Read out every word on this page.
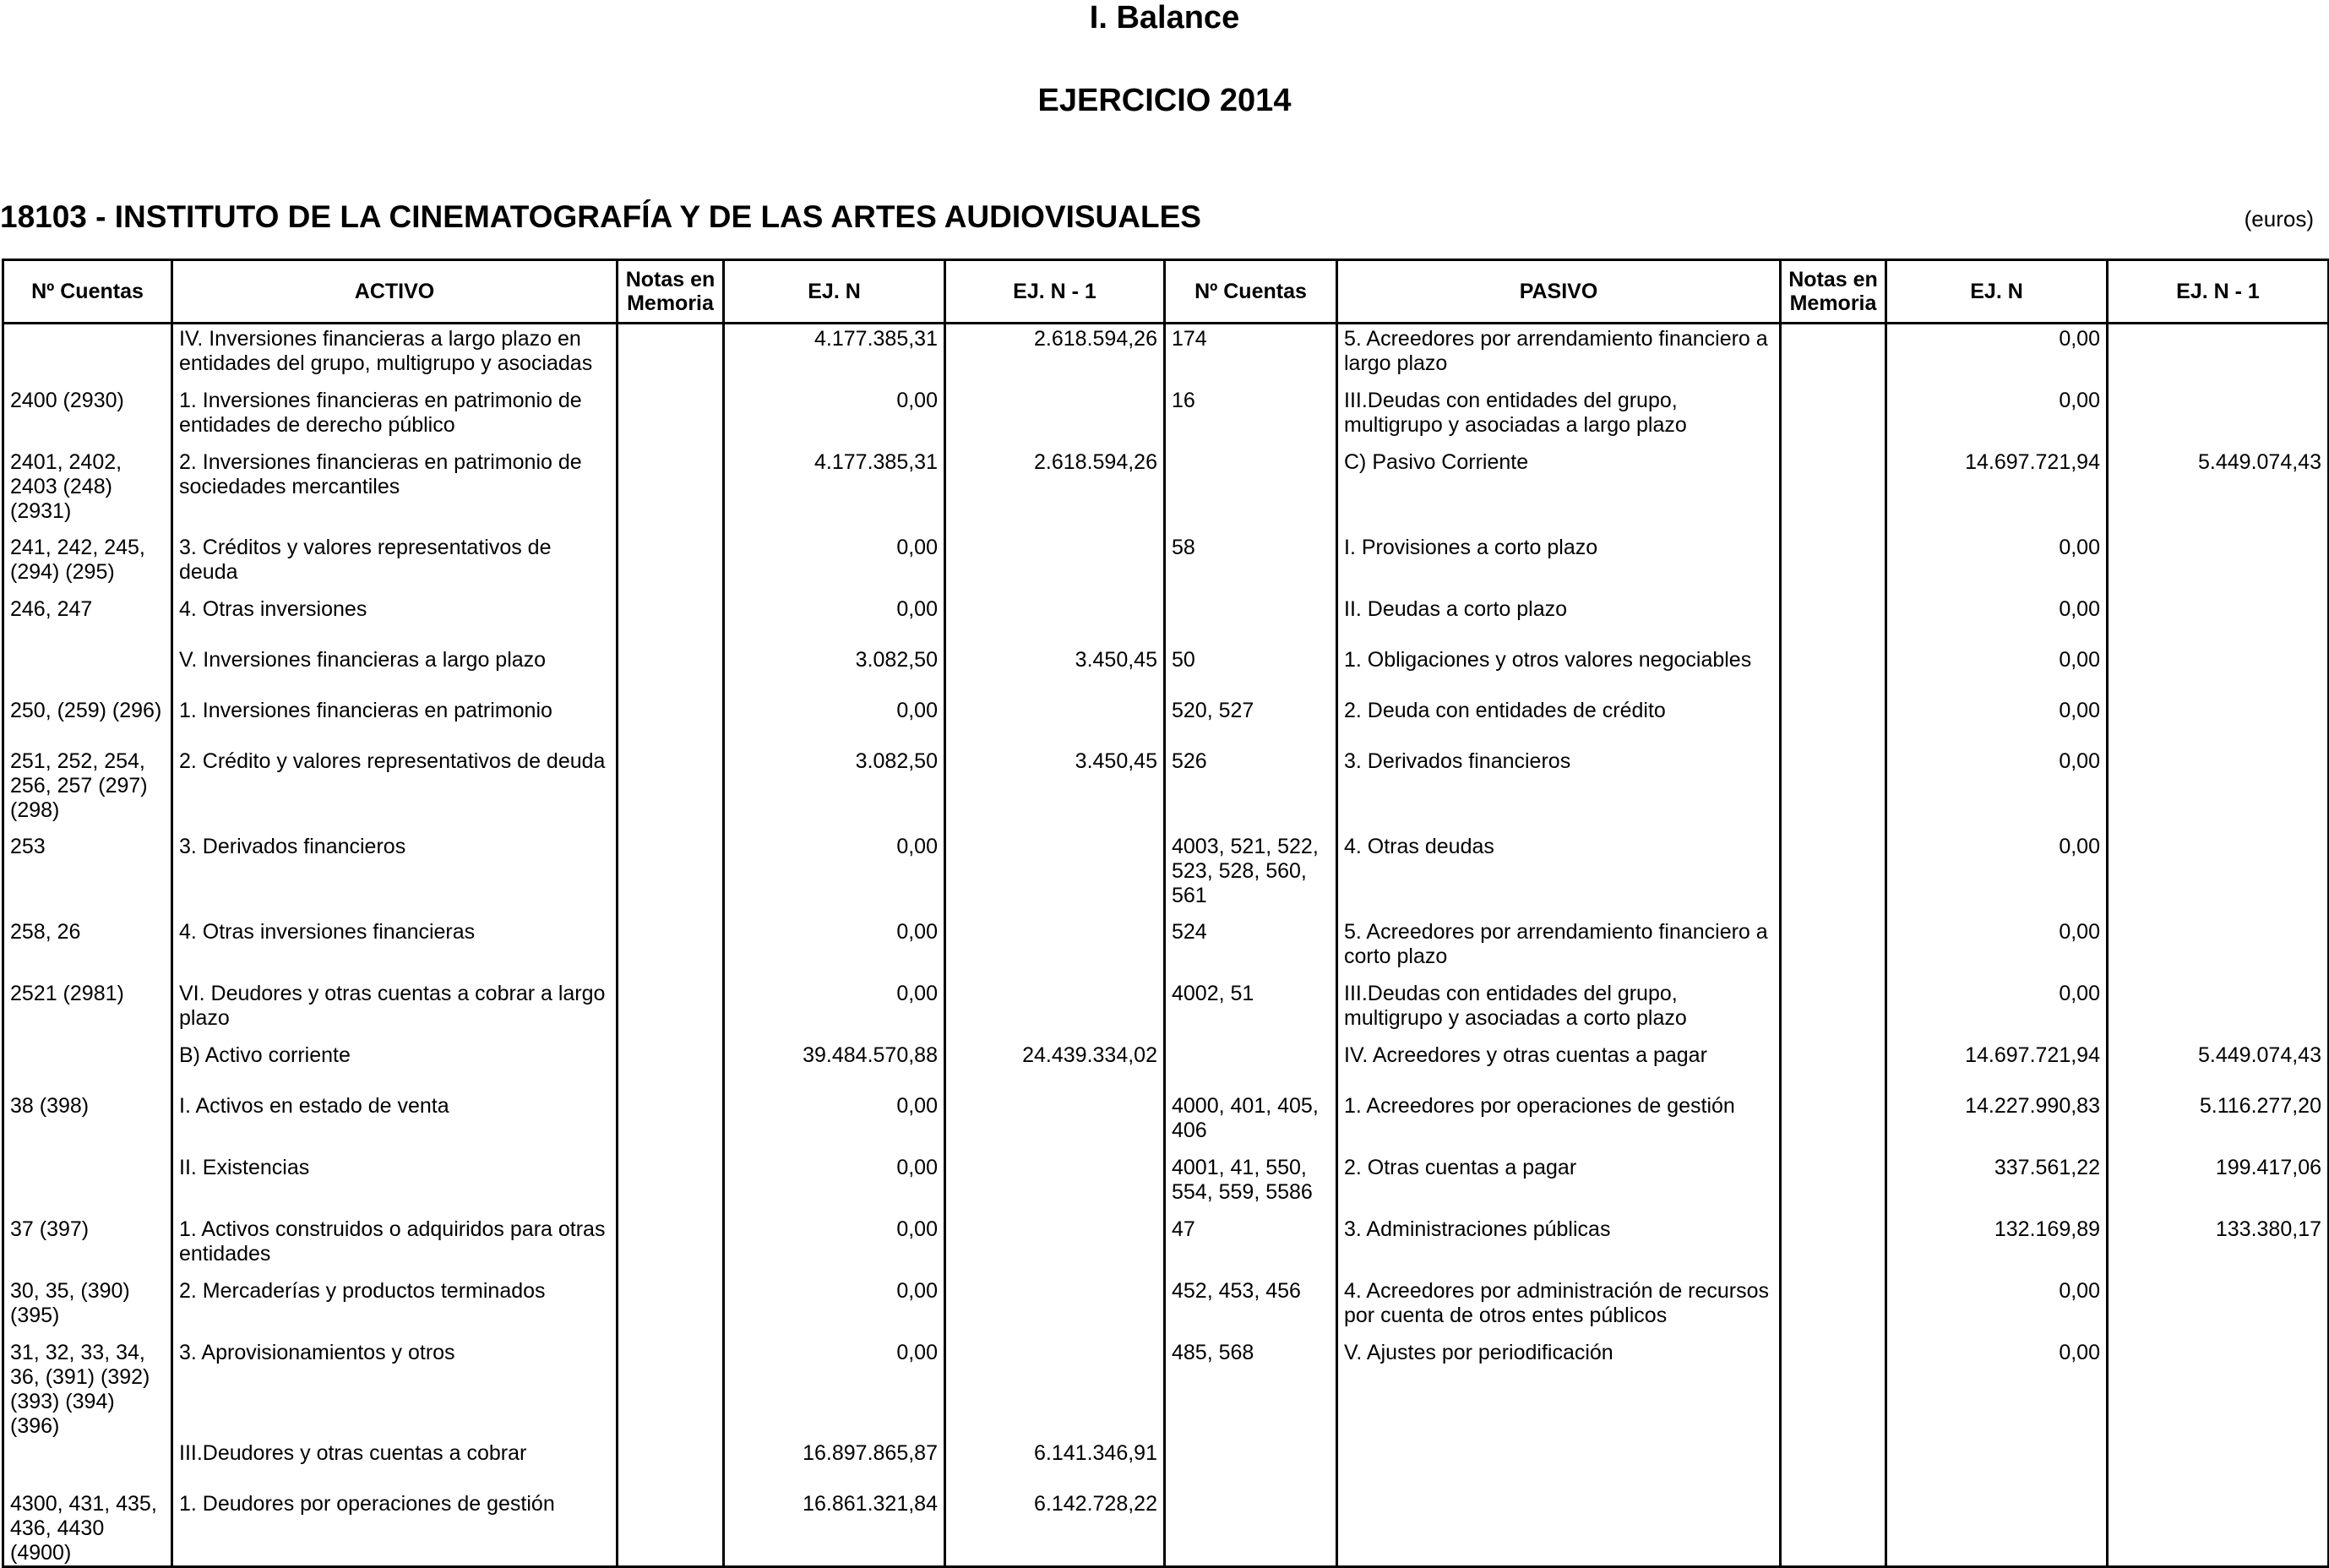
I. Balance
EJERCICIO 2014
18103 - INSTITUTO DE LA CINEMATOGRAFÍA Y DE LAS ARTES AUDIOVISUALES	(euros)
Nº Cuentas	ACTIVO	Notas en Memoria	EJ. N	EJ. N - 1	Nº Cuentas	PASIVO	Notas en Memoria	EJ. N	EJ. N - 1
	IV. Inversiones financieras a largo plazo en entidades del grupo, multigrupo y asociadas		4.177.385,31	2.618.594,26	174	5. Acreedores por arrendamiento financiero a largo plazo		0,00	
2400 (2930)	1. Inversiones financieras en patrimonio de entidades de derecho público		0,00		16	III.Deudas con entidades del grupo, multigrupo y asociadas a largo plazo		0,00	
2401, 2402, 2403 (248) (2931)	2. Inversiones financieras en patrimonio de sociedades mercantiles		4.177.385,31	2.618.594,26		C) Pasivo Corriente		14.697.721,94	5.449.074,43
241, 242, 245, (294) (295)	3. Créditos y valores representativos de deuda		0,00		58	I. Provisiones a corto plazo		0,00	
246, 247	4. Otras inversiones		0,00			II. Deudas a corto plazo		0,00	
	V. Inversiones financieras a largo plazo		3.082,50	3.450,45	50	1. Obligaciones y otros valores negociables		0,00	
250, (259) (296)	1. Inversiones financieras en patrimonio		0,00		520, 527	2. Deuda con entidades de crédito		0,00	
251, 252, 254, 256, 257 (297) (298)	2. Crédito y valores representativos de deuda		3.082,50	3.450,45	526	3. Derivados financieros		0,00	
253	3. Derivados financieros		0,00		4003, 521, 522, 523, 528, 560, 561	4. Otras deudas		0,00	
258, 26	4. Otras inversiones financieras		0,00		524	5. Acreedores por arrendamiento financiero a corto plazo		0,00	
2521 (2981)	VI. Deudores y otras cuentas a cobrar a largo plazo		0,00		4002, 51	III.Deudas con entidades del grupo, multigrupo y asociadas a corto plazo		0,00	
	B) Activo corriente		39.484.570,88	24.439.334,02		IV. Acreedores y otras cuentas a pagar		14.697.721,94	5.449.074,43
38 (398)	I. Activos en estado de venta		0,00		4000, 401, 405, 406	1. Acreedores por operaciones de gestión		14.227.990,83	5.116.277,20
	II. Existencias		0,00		4001, 41, 550, 554, 559, 5586	2. Otras cuentas a pagar		337.561,22	199.417,06
37 (397)	1. Activos construidos o adquiridos para otras entidades		0,00		47	3. Administraciones públicas		132.169,89	133.380,17
30, 35, (390) (395)	2. Mercaderías y productos terminados		0,00		452, 453, 456	4. Acreedores por administración de recursos por cuenta de otros entes públicos		0,00	
31, 32, 33, 34, 36, (391) (392) (393) (394) (396)	3. Aprovisionamientos y otros		0,00		485, 568	V. Ajustes por periodificación		0,00	
	III.Deudores y otras cuentas a cobrar		16.897.865,87	6.141.346,91					
4300, 431, 435, 436, 4430 (4900)	1. Deudores por operaciones de gestión		16.861.321,84	6.142.728,22					
